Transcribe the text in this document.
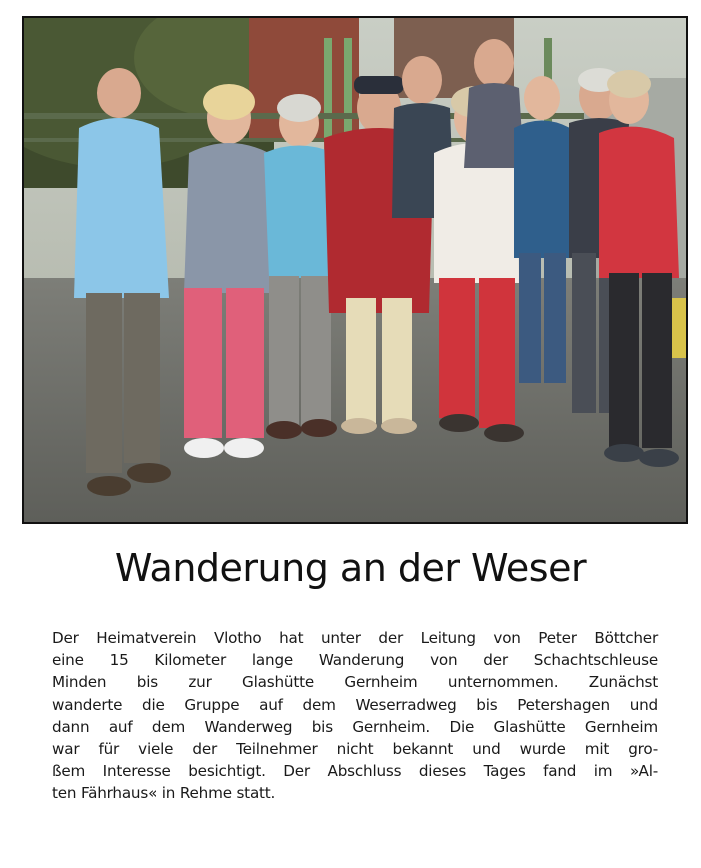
Wanderung an der Weser

Der Heimatverein Vlotho hat unter der Leitung von Peter Böttcher
eine 15 Kilometer lange Wanderung von der Schachtschleuse
Minden bis zur Glashütte Gernheim unternommen. Zunächst
wanderte die Gruppe auf dem Weserradweg bis Petershagen und
dann auf dem Wanderweg bis Gernheim. Die Glashütte Gernheim
war für viele der Teilnehmer nicht bekannt und wurde mit gro-
ßem Interesse besichtigt. Der Abschluss dieses Tages fand im »Al-
ten Fährhaus« in Rehme statt.
